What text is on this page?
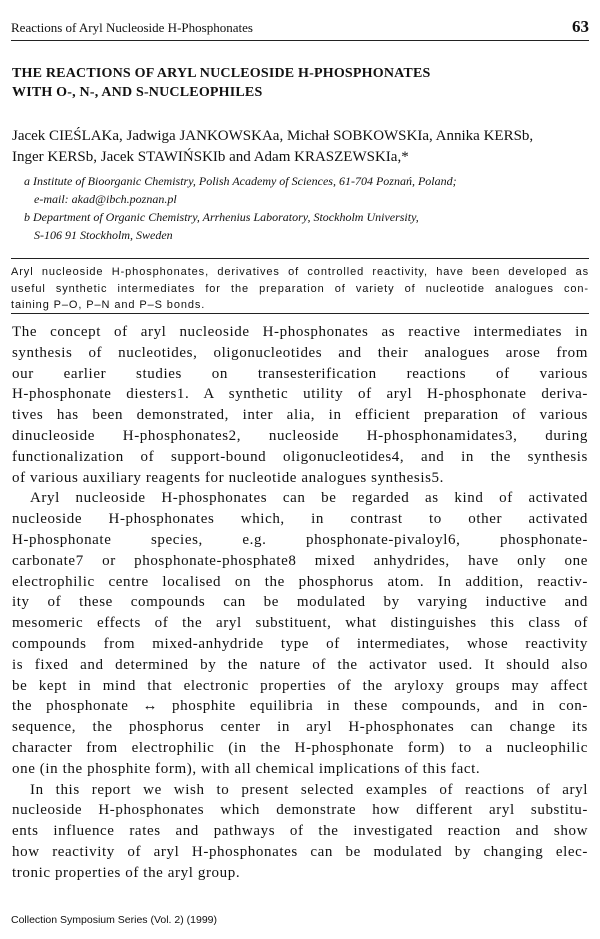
Reactions of Aryl Nucleoside H-Phosphonates	63
THE REACTIONS OF ARYL NUCLEOSIDE H-PHOSPHONATES
WITH O-, N-, AND S-NUCLEOPHILES
Jacek CIEŚLAKa, Jadwiga JANKOWSKAa, Michał SOBKOWSKIa, Annika KERSb,
Inger KERSb, Jacek STAWIŃSKIb and Adam KRASZEWSKIa,*
a Institute of Bioorganic Chemistry, Polish Academy of Sciences, 61-704 Poznań, Poland;
e-mail: akad@ibch.poznan.pl
b Department of Organic Chemistry, Arrhenius Laboratory, Stockholm University,
S-106 91 Stockholm, Sweden
Aryl nucleoside H-phosphonates, derivatives of controlled reactivity, have been developed as
useful synthetic intermediates for the preparation of variety of nucleotide analogues con-
taining P–O, P–N and P–S bonds.
The concept of aryl nucleoside H-phosphonates as reactive intermediates in
synthesis of nucleotides, oligonucleotides and their analogues arose from
our earlier studies on transesterification reactions of various
H-phosphonate diesters1. A synthetic utility of aryl H-phosphonate deriva-
tives has been demonstrated, inter alia, in efficient preparation of various
dinucleoside H-phosphonates2, nucleoside H-phosphonamidates3, during
functionalization of support-bound oligonucleotides4, and in the synthesis
of various auxiliary reagents for nucleotide analogues synthesis5.
Aryl nucleoside H-phosphonates can be regarded as kind of activated
nucleoside H-phosphonates which, in contrast to other activated
H-phosphonate species, e.g. phosphonate-pivaloyl6, phosphonate-
carbonate7 or phosphonate-phosphate8 mixed anhydrides, have only one
electrophilic centre localised on the phosphorus atom. In addition, reactiv-
ity of these compounds can be modulated by varying inductive and
mesomeric effects of the aryl substituent, what distinguishes this class of
compounds from mixed-anhydride type of intermediates, whose reactivity
is fixed and determined by the nature of the activator used. It should also
be kept in mind that electronic properties of the aryloxy groups may affect
the phosphonate ↔ phosphite equilibria in these compounds, and in con-
sequence, the phosphorus center in aryl H-phosphonates can change its
character from electrophilic (in the H-phosphonate form) to a nucleophilic
one (in the phosphite form), with all chemical implications of this fact.
In this report we wish to present selected examples of reactions of aryl
nucleoside H-phosphonates which demonstrate how different aryl substitu-
ents influence rates and pathways of the investigated reaction and show
how reactivity of aryl H-phosphonates can be modulated by changing elec-
tronic properties of the aryl group.
Collection Symposium Series (Vol. 2) (1999)
